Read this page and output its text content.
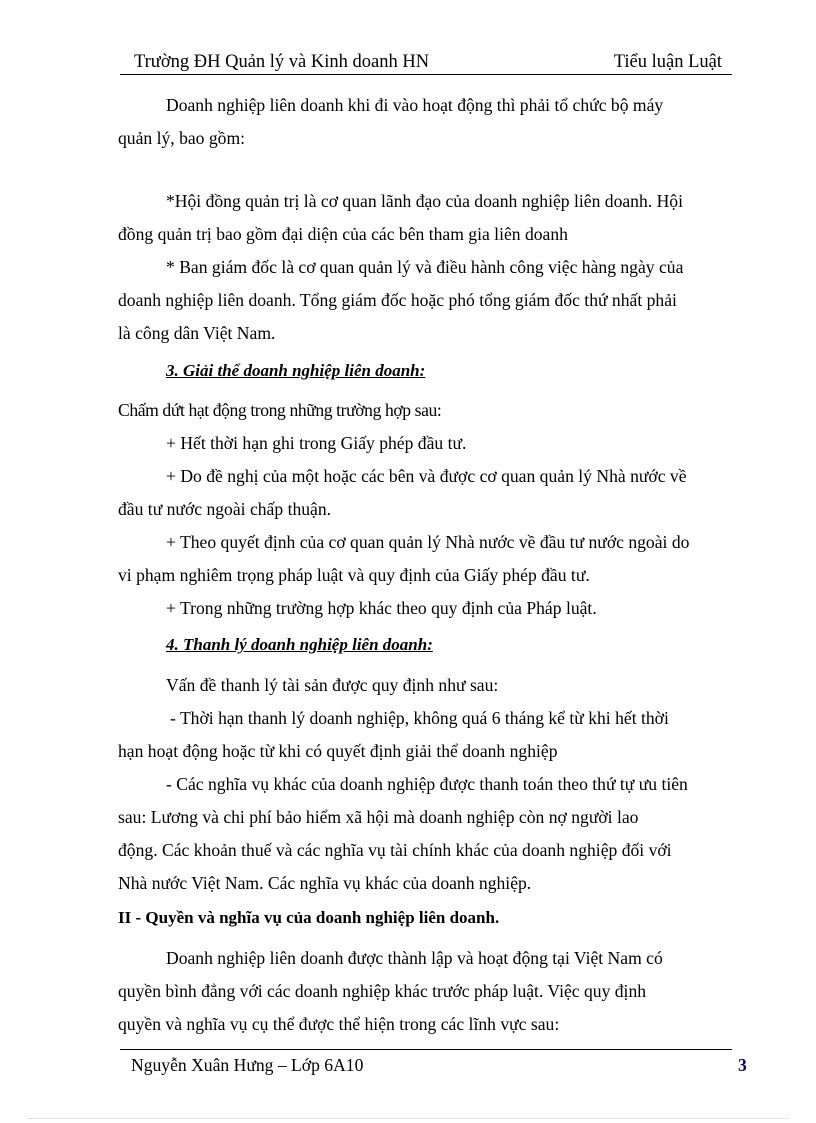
Trường ĐH Quản lý và Kinh doanh HN	Tiểu luận Luật
Doanh nghiệp liên doanh khi đi vào hoạt động thì phải tổ chức bộ máy
quản lý, bao gồm:
*Hội đồng quản trị là cơ quan lãnh đạo của doanh nghiệp liên doanh. Hội
đồng quản trị bao gồm đại diện của các bên tham gia liên doanh
* Ban giám đốc là cơ quan quản lý và điều hành công việc hàng ngày của
doanh nghiệp liên doanh. Tổng giám đốc hoặc phó tổng giám đốc thứ nhất phải
là công dân Việt Nam.
3. Giải thể doanh nghiệp liên doanh:
Chấm dứt hạt động trong những trường hợp sau:
+ Hết thời hạn ghi trong Giấy phép đầu tư.
+ Do đề nghị của một hoặc các bên và được cơ quan quản lý Nhà nước về
đầu tư nước ngoài chấp thuận.
+ Theo quyết định của cơ quan quản lý Nhà nước về đầu tư nước ngoài do
vi phạm nghiêm trọng pháp luật và quy định của Giấy phép đầu tư.
+ Trong những trường hợp khác theo quy định của Pháp luật.
4. Thanh lý doanh nghiệp liên doanh:
Vấn đề thanh lý tài sản được quy định như sau:
- Thời hạn thanh lý doanh nghiệp, không quá 6 tháng kể từ khi hết thời
hạn hoạt động hoặc từ khi có quyết định giải thể doanh nghiệp
- Các nghĩa vụ khác của doanh nghiệp được thanh toán theo thứ tự ưu tiên
sau: Lương và chi phí bảo hiểm xã hội mà doanh nghiệp còn nợ người lao
động. Các khoản thuế và các nghĩa vụ tài chính khác của doanh nghiệp đối với
Nhà nước Việt Nam. Các nghĩa vụ khác của doanh nghiệp.
II - Quyền và nghĩa vụ của doanh nghiệp liên doanh.
Doanh nghiệp liên doanh được thành lập và hoạt động tại Việt Nam có
quyền bình đẳng với các doanh nghiệp khác trước pháp luật. Việc quy định
quyền và nghĩa vụ cụ thể được thể hiện trong các lĩnh vực sau:
Nguyễn Xuân Hưng – Lớp 6A10	3
